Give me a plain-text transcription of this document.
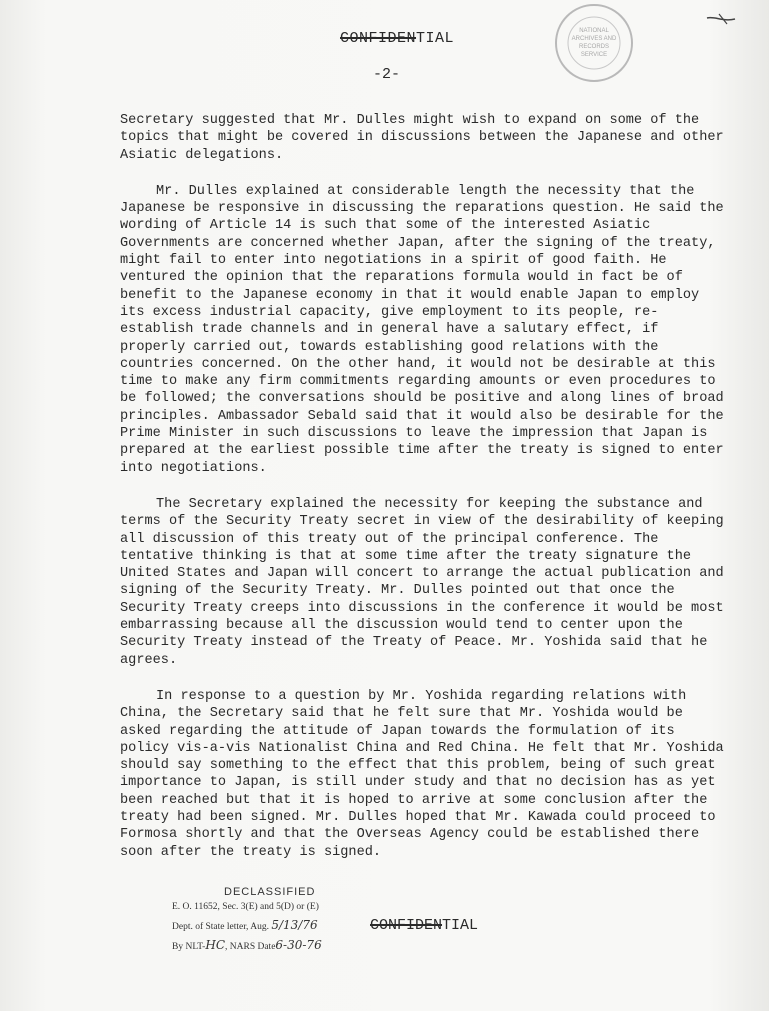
CONFIDENTIAL
-2-
NATIONAL
ARCHIVES AND
RECORDS
SERVICE

Secretary suggested that Mr. Dulles might wish to expand on some of the topics that might be covered in discussions between the Japanese and other Asiatic delegations.

Mr. Dulles explained at considerable length the necessity that the Japanese be responsive in discussing the reparations question. He said the wording of Article 14 is such that some of the interested Asiatic Governments are concerned whether Japan, after the signing of the treaty, might fail to enter into negotiations in a spirit of good faith. He ventured the opinion that the reparations formula would in fact be of benefit to the Japanese economy in that it would enable Japan to employ its excess industrial capacity, give employment to its people, re-establish trade channels and in general have a salutary effect, if properly carried out, towards establishing good relations with the countries concerned. On the other hand, it would not be desirable at this time to make any firm commitments regarding amounts or even procedures to be followed; the conversations should be positive and along lines of broad principles. Ambassador Sebald said that it would also be desirable for the Prime Minister in such discussions to leave the impression that Japan is prepared at the earliest possible time after the treaty is signed to enter into negotiations.

The Secretary explained the necessity for keeping the substance and terms of the Security Treaty secret in view of the desirability of keeping all discussion of this treaty out of the principal conference. The tentative thinking is that at some time after the treaty signature the United States and Japan will concert to arrange the actual publication and signing of the Security Treaty. Mr. Dulles pointed out that once the Security Treaty creeps into discussions in the conference it would be most embarrassing because all the discussion would tend to center upon the Security Treaty instead of the Treaty of Peace. Mr. Yoshida said that he agrees.

In response to a question by Mr. Yoshida regarding relations with China, the Secretary said that he felt sure that Mr. Yoshida would be asked regarding the attitude of Japan towards the formulation of its policy vis-a-vis Nationalist China and Red China. He felt that Mr. Yoshida should say something to the effect that this problem, being of such great importance to Japan, is still under study and that no decision has as yet been reached but that it is hoped to arrive at some conclusion after the treaty had been signed. Mr. Dulles hoped that Mr. Kawada could proceed to Formosa shortly and that the Overseas Agency could be established there soon after the treaty is signed.

DECLASSIFIED
E. O. 11652, Sec. 3(E) and 5(D) or (E)
Dept. of State letter, Aug. 5/13/76
By NLT-HC, NARS Date6-30-76
CONFIDENTIAL
